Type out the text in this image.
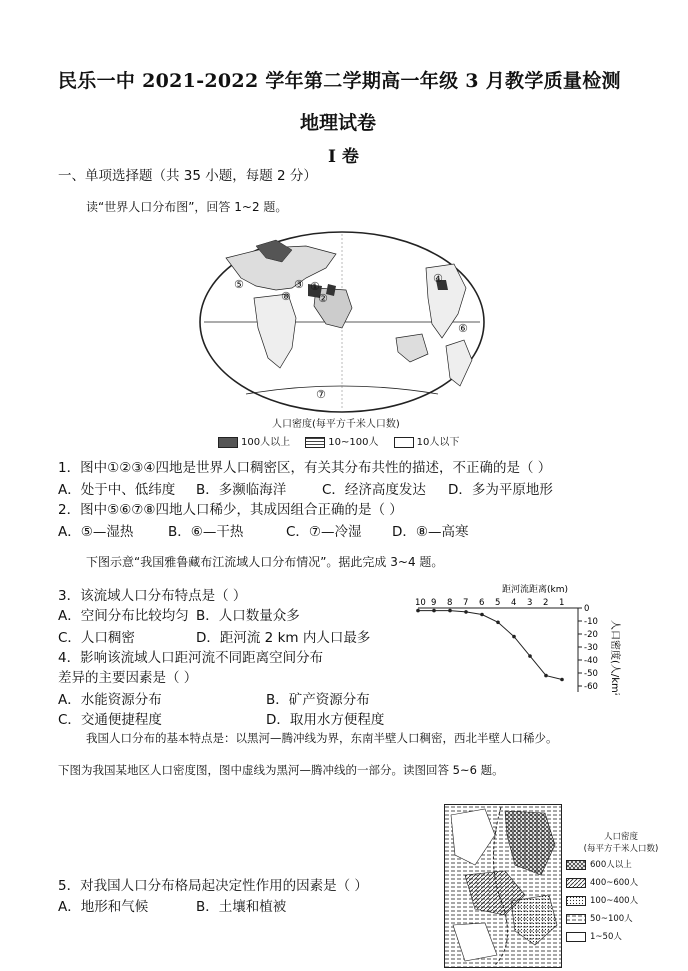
民乐一中 2021-2022 学年第二学期高一年级 3 月教学质量检测
地理试卷
I 卷
一、单项选择题（共 35 小题，每题 2 分）
读“世界人口分布图”，回答 1~2 题。
⑤	③
⑧
①
②
④
⑥
⑦
人口密度(每平方千米人口数)
100人以上	10~100人	10人以下
1．图中①②③④四地是世界人口稠密区，有关其分布共性的描述，不正确的是（ ）
A．处于中、低纬度 B．多濒临海洋	C．经济高度发达 D．多为平原地形
2．图中⑤⑥⑦⑧四地人口稀少，其成因组合正确的是（ ）
A．⑤—湿热	B．⑥—干热	C．⑦—冷湿 D．⑧—高寒
下图示意“我国雅鲁藏布江流域人口分布情况”。据此完成 3~4 题。
3．该流域人口分布特点是（ ）
A．空间分布比较均匀 B．人口数量众多
C．人口稠密	D．距河流 2 km 内人口最多
4．影响该流域人口距河流不同距离空间分布
差异的主要因素是（ ）
A．水能资源分布	B．矿产资源分布
C．交通便捷程度	D．取用水方便程度
距河流距离(km)
10 9 8 7 6 5 4 3 2 1
0
-10
-20
-30
-40
-50
-60 人口密度(人/km²)
我国人口分布的基本特点是：以黑河—腾冲线为界，东南半壁人口稠密，西北半壁人口稀少。
下图为我国某地区人口密度图，图中虚线为黑河—腾冲线的一部分。读图回答 5~6 题。
人口密度
(每平方千米人口数)
600人以上
400~600人
100~400人
50~100人
1~50人
5．对我国人口分布格局起决定性作用的因素是（ ）
A．地形和气候	B．土壤和植被
